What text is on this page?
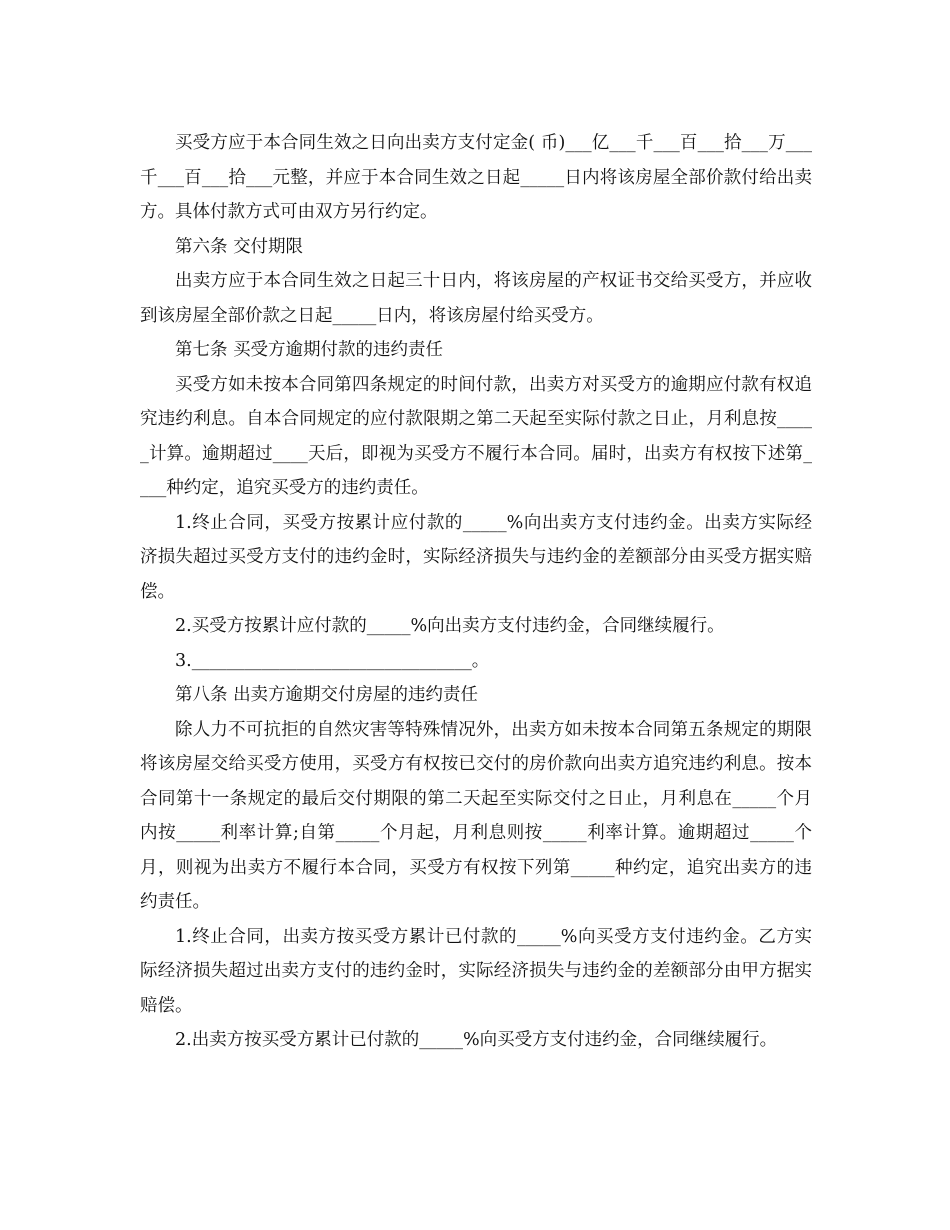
买受方应于本合同生效之日向出卖方支付定金( 币)___亿___千___百___拾___万___千___百___拾___元整，并应于本合同生效之日起_____日内将该房屋全部价款付给出卖方。具体付款方式可由双方另行约定。

第六条 交付期限

出卖方应于本合同生效之日起三十日内，将该房屋的产权证书交给买受方，并应收到该房屋全部价款之日起_____日内，将该房屋付给买受方。

第七条 买受方逾期付款的违约责任

买受方如未按本合同第四条规定的时间付款，出卖方对买受方的逾期应付款有权追究违约利息。自本合同规定的应付款限期之第二天起至实际付款之日止，月利息按_____计算。逾期超过____天后，即视为买受方不履行本合同。届时，出卖方有权按下述第____种约定，追究买受方的违约责任。

1.终止合同，买受方按累计应付款的_____%向出卖方支付违约金。出卖方实际经济损失超过买受方支付的违约金时，实际经济损失与违约金的差额部分由买受方据实赔偿。

2.买受方按累计应付款的_____%向出卖方支付违约金，合同继续履行。

3.________________________________。

第八条 出卖方逾期交付房屋的违约责任

除人力不可抗拒的自然灾害等特殊情况外，出卖方如未按本合同第五条规定的期限将该房屋交给买受方使用，买受方有权按已交付的房价款向出卖方追究违约利息。按本合同第十一条规定的最后交付期限的第二天起至实际交付之日止，月利息在_____个月内按_____利率计算;自第_____个月起，月利息则按_____利率计算。逾期超过_____个月，则视为出卖方不履行本合同，买受方有权按下列第_____种约定，追究出卖方的违约责任。

1.终止合同，出卖方按买受方累计已付款的_____%向买受方支付违约金。乙方实际经济损失超过出卖方支付的违约金时，实际经济损失与违约金的差额部分由甲方据实赔偿。

2.出卖方按买受方累计已付款的_____%向买受方支付违约金，合同继续履行。
